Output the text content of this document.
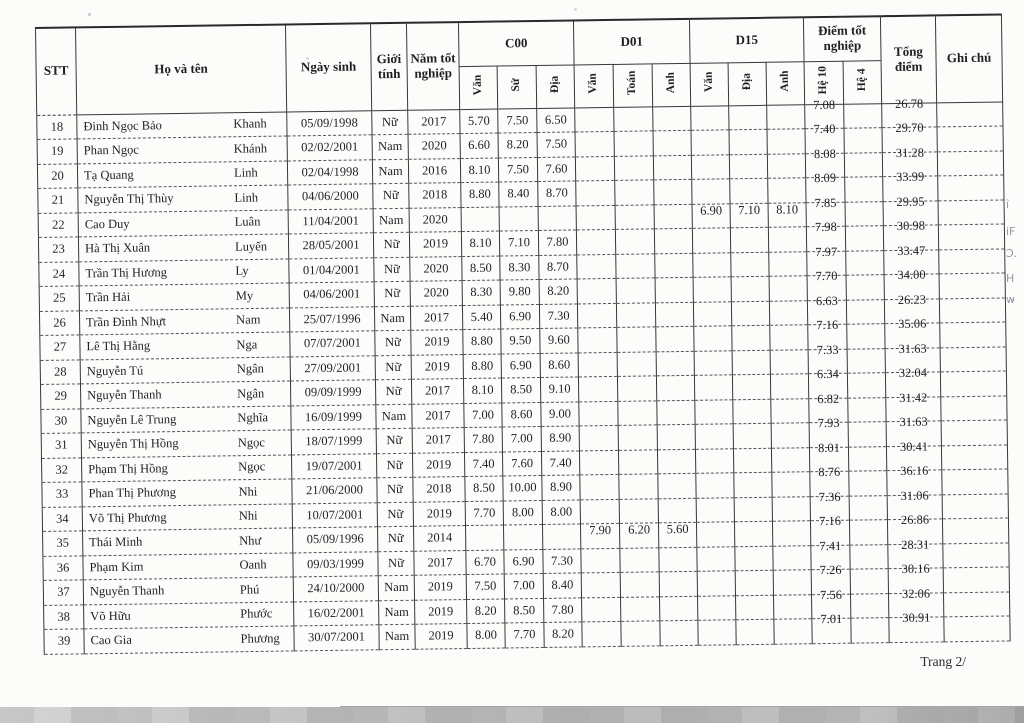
STT	Họ và tên	Ngày sinh	Giới tính	Năm tốt nghiệp	C00			D01			D15			Điểm tốt nghiệp		Tổng điểm	Ghi chú
					Văn	Sử	Địa	Văn	Toán	Anh	Văn	Địa	Anh	Hệ 10	Hệ 4		
18	Đinh Ngọc Bảo Khanh	05/09/1998	Nữ	2017	5.70	7.50	6.50							7.08		26.78	
19	Phan Ngọc Khánh	02/02/2001	Nam	2020	6.60	8.20	7.50							7.40		29.70	
20	Tạ Quang Linh	02/04/1998	Nam	2016	8.10	7.50	7.60							8.08		31.28	
21	Nguyễn Thị Thùy Linh	04/06/2000	Nữ	2018	8.80	8.40	8.70							8.09		33.99	
22	Cao Duy Luân	11/04/2001	Nam	2020							6.90	7.10	8.10	7.85		29.95	
23	Hà Thị Xuân Luyến	28/05/2001	Nữ	2019	8.10	7.10	7.80							7.98		30.98	
24	Trần Thị Hương Ly	01/04/2001	Nữ	2020	8.50	8.30	8.70							7.97		33.47	
25	Trần Hải My	04/06/2001	Nữ	2020	8.30	9.80	8.20							7.70		34.00	
26	Trần Đình Nhựt Nam	25/07/1996	Nam	2017	5.40	6.90	7.30							6.63		26.23	
27	Lê Thị Hằng Nga	07/07/2001	Nữ	2019	8.80	9.50	9.60							7.16		35.06	
28	Nguyễn Tú Ngân	27/09/2001	Nữ	2019	8.80	6.90	8.60							7.33		31.63	
29	Nguyễn Thanh Ngân	09/09/1999	Nữ	2017	8.10	8.50	9.10							6.34		32.04	
30	Nguyễn Lê Trung Nghĩa	16/09/1999	Nam	2017	7.00	8.60	9.00							6.82		31.42	
31	Nguyễn Thị Hồng Ngọc	18/07/1999	Nữ	2017	7.80	7.00	8.90							7.93		31.63	
32	Phạm Thị Hồng Ngọc	19/07/2001	Nữ	2019	7.40	7.60	7.40							8.01		30.41	
33	Phan Thị Phương Nhi	21/06/2000	Nữ	2018	8.50	10.00	8.90							8.76		36.16	
34	Võ Thị Phương Nhi	10/07/2001	Nữ	2019	7.70	8.00	8.00							7.36		31.06	
35	Thái Minh Như	05/09/1996	Nữ	2014				7.90	6.20	5.60				7.16		26.86	
36	Phạm Kim Oanh	09/03/1999	Nữ	2017	6.70	6.90	7.30							7.41		28.31	
37	Nguyễn Thanh Phú	24/10/2000	Nam	2019	7.50	7.00	8.40							7.26		30.16	
38	Võ Hữu Phước	16/02/2001	Nam	2019	8.20	8.50	7.80							7.56		32.06	
39	Cao Gia Phương	30/07/2001	Nam	2019	8.00	7.70	8.20							7.01		30.91	
Trang 2/
ỉ
iF
Ɔ.
H
w̵
